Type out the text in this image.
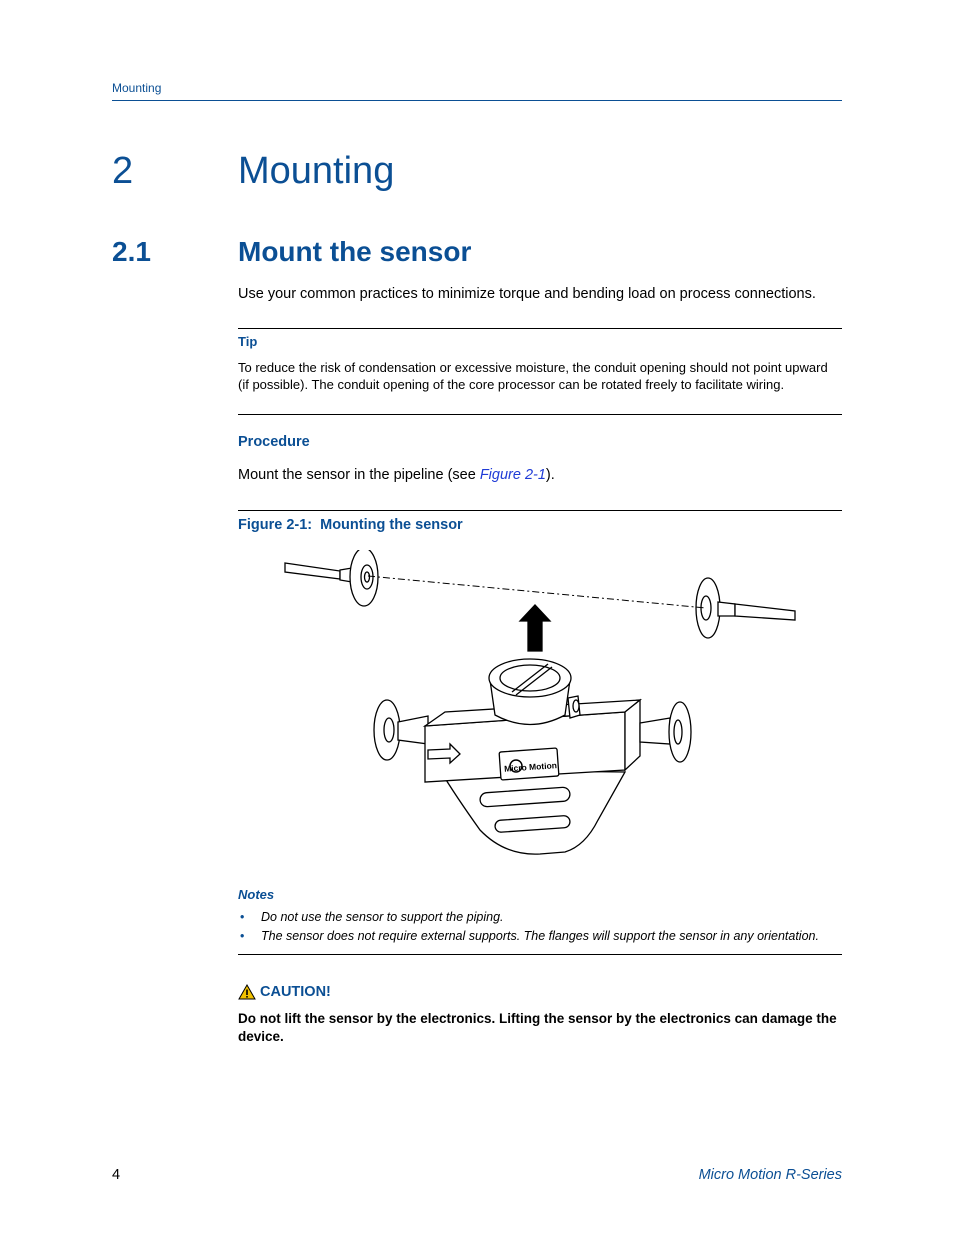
Mounting
2	Mounting
2.1	Mount the sensor
Use your common practices to minimize torque and bending load on process connections.
Tip
To reduce the risk of condensation or excessive moisture, the conduit opening should not point upward (if possible). The conduit opening of the core processor can be rotated freely to facilitate wiring.
Procedure
Mount the sensor in the pipeline (see Figure 2-1).
Figure 2-1: Mounting the sensor
Micro Motion
Notes
• Do not use the sensor to support the piping.
• The sensor does not require external supports. The flanges will support the sensor in any orientation.
CAUTION!
Do not lift the sensor by the electronics. Lifting the sensor by the electronics can damage the device.
4	Micro Motion R-Series
